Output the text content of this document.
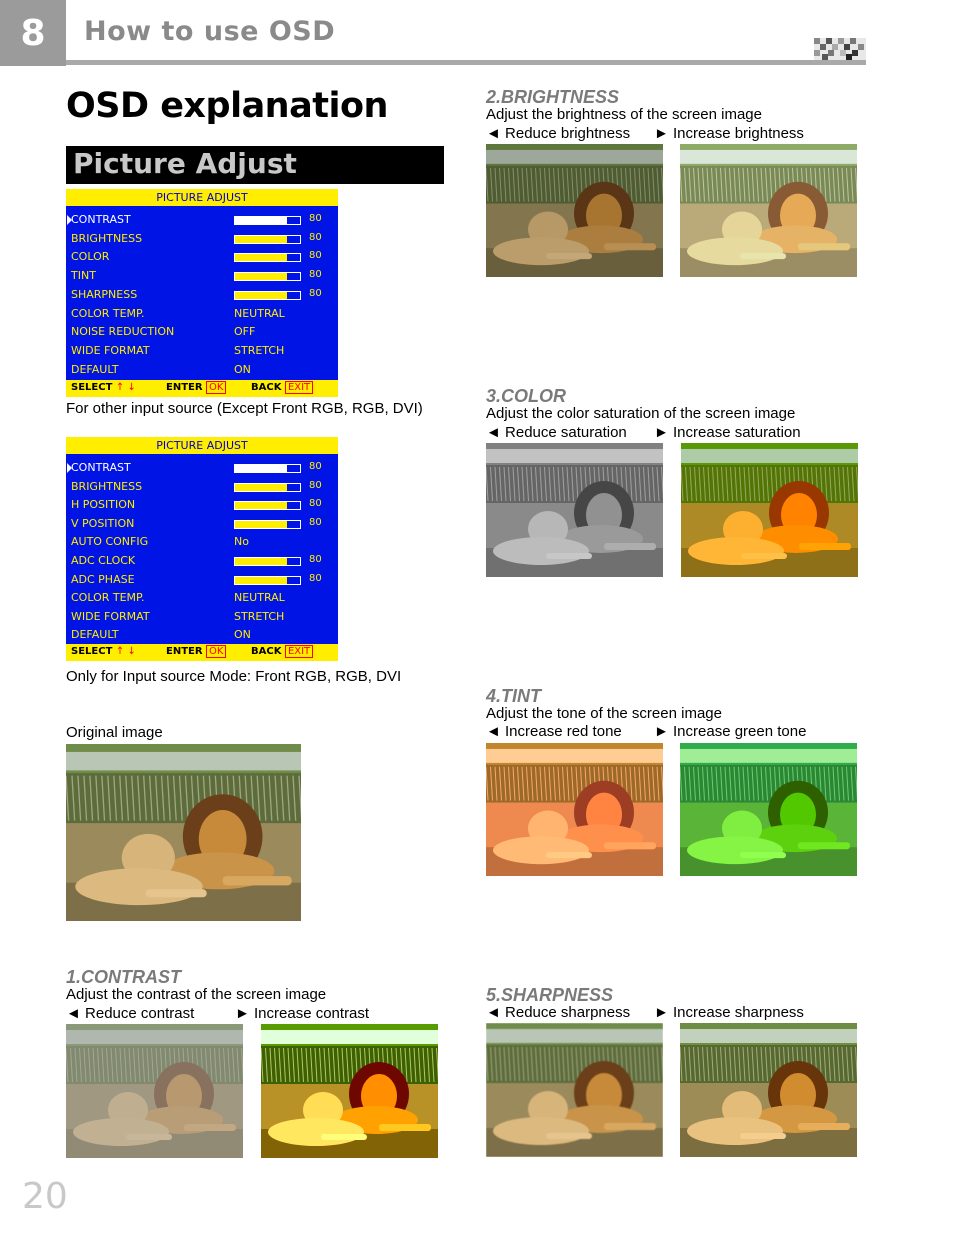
8	How to use OSD
OSD explanation
Picture Adjust
PICTURE ADJUST
CONTRAST	80
BRIGHTNESS	80
COLOR	80
TINT	80
SHARPNESS	80
COLOR TEMP.	NEUTRAL
NOISE REDUCTION	OFF
WIDE FORMAT	STRETCH
DEFAULT	ON
SELECT ↑ ↓	ENTER OK	BACK EXIT
For other input source (Except Front RGB, RGB, DVI)
PICTURE ADJUST
CONTRAST	80
BRIGHTNESS	80
H POSITION	80
V POSITION	80
AUTO CONFIG	No
ADC CLOCK	80
ADC PHASE	80
COLOR TEMP.	NEUTRAL
WIDE FORMAT	STRETCH
DEFAULT	ON
SELECT ↑ ↓	ENTER OK	BACK EXIT
Only for Input source Mode: Front RGB, RGB, DVI
Original image
1.CONTRAST
Adjust the contrast of the screen image
◄ Reduce contrast	► Increase contrast
2.BRIGHTNESS
Adjust the brightness of the screen image
◄ Reduce brightness ► Increase brightness
3.COLOR
Adjust the color saturation of the screen image
◄ Reduce saturation ► Increase saturation
4.TINT
Adjust the tone of the screen image
◄ Increase red tone ► Increase green tone
5.SHARPNESS
◄ Reduce sharpness ► Increase sharpness
20
